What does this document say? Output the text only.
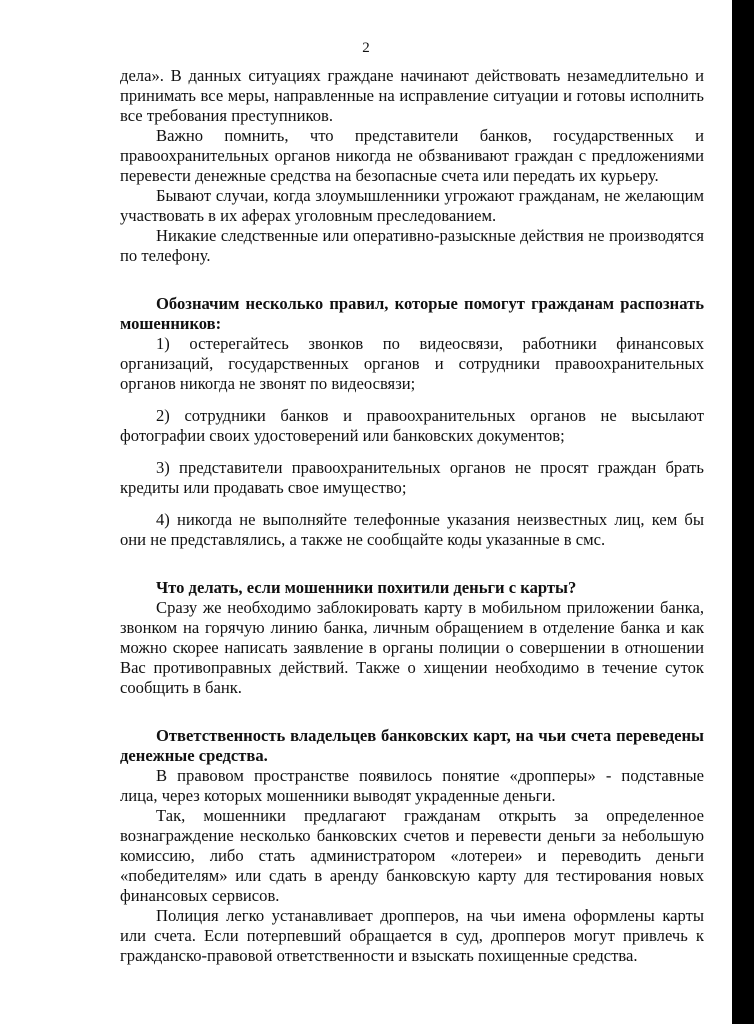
2

дела». В данных ситуациях граждане начинают действовать незамедлительно и принимать все меры, направленные на исправление ситуации и готовы исполнить все требования преступников.

Важно помнить, что представители банков, государственных и правоохранительных органов никогда не обзванивают граждан с предложениями перевести денежные средства на безопасные счета или передать их курьеру.

Бывают случаи, когда злоумышленники угрожают гражданам, не желающим участвовать в их аферах уголовным преследованием.

Никакие следственные или оперативно-разыскные действия не производятся по телефону.

Обозначим несколько правил, которые помогут гражданам распознать мошенников:

1) остерегайтесь звонков по видеосвязи, работники финансовых организаций, государственных органов и сотрудники правоохранительных органов никогда не звонят по видеосвязи;

2) сотрудники банков и правоохранительных органов не высылают фотографии своих удостоверений или банковских документов;

3) представители правоохранительных органов не просят граждан брать кредиты или продавать свое имущество;

4) никогда не выполняйте телефонные указания неизвестных лиц, кем бы они не представлялись, а также не сообщайте коды указанные в смс.

Что делать, если мошенники похитили деньги с карты?

Сразу же необходимо заблокировать карту в мобильном приложении банка, звонком на горячую линию банка, личным обращением в отделение банка и как можно скорее написать заявление в органы полиции о совершении в отношении Вас противоправных действий. Также о хищении необходимо в течение суток сообщить в банк.

Ответственность владельцев банковских карт, на чьи счета переведены денежные средства.

В правовом пространстве появилось понятие «дропперы» - подставные лица, через которых мошенники выводят украденные деньги.

Так, мошенники предлагают гражданам открыть за определенное вознаграждение несколько банковских счетов и перевести деньги за небольшую комиссию, либо стать администратором «лотереи» и переводить деньги «победителям» или сдать в аренду банковскую карту для тестирования новых финансовых сервисов.

Полиция легко устанавливает дропперов, на чьи имена оформлены карты или счета. Если потерпевший обращается в суд, дропперов могут привлечь к гражданско-правовой ответственности и взыскать похищенные средства.
